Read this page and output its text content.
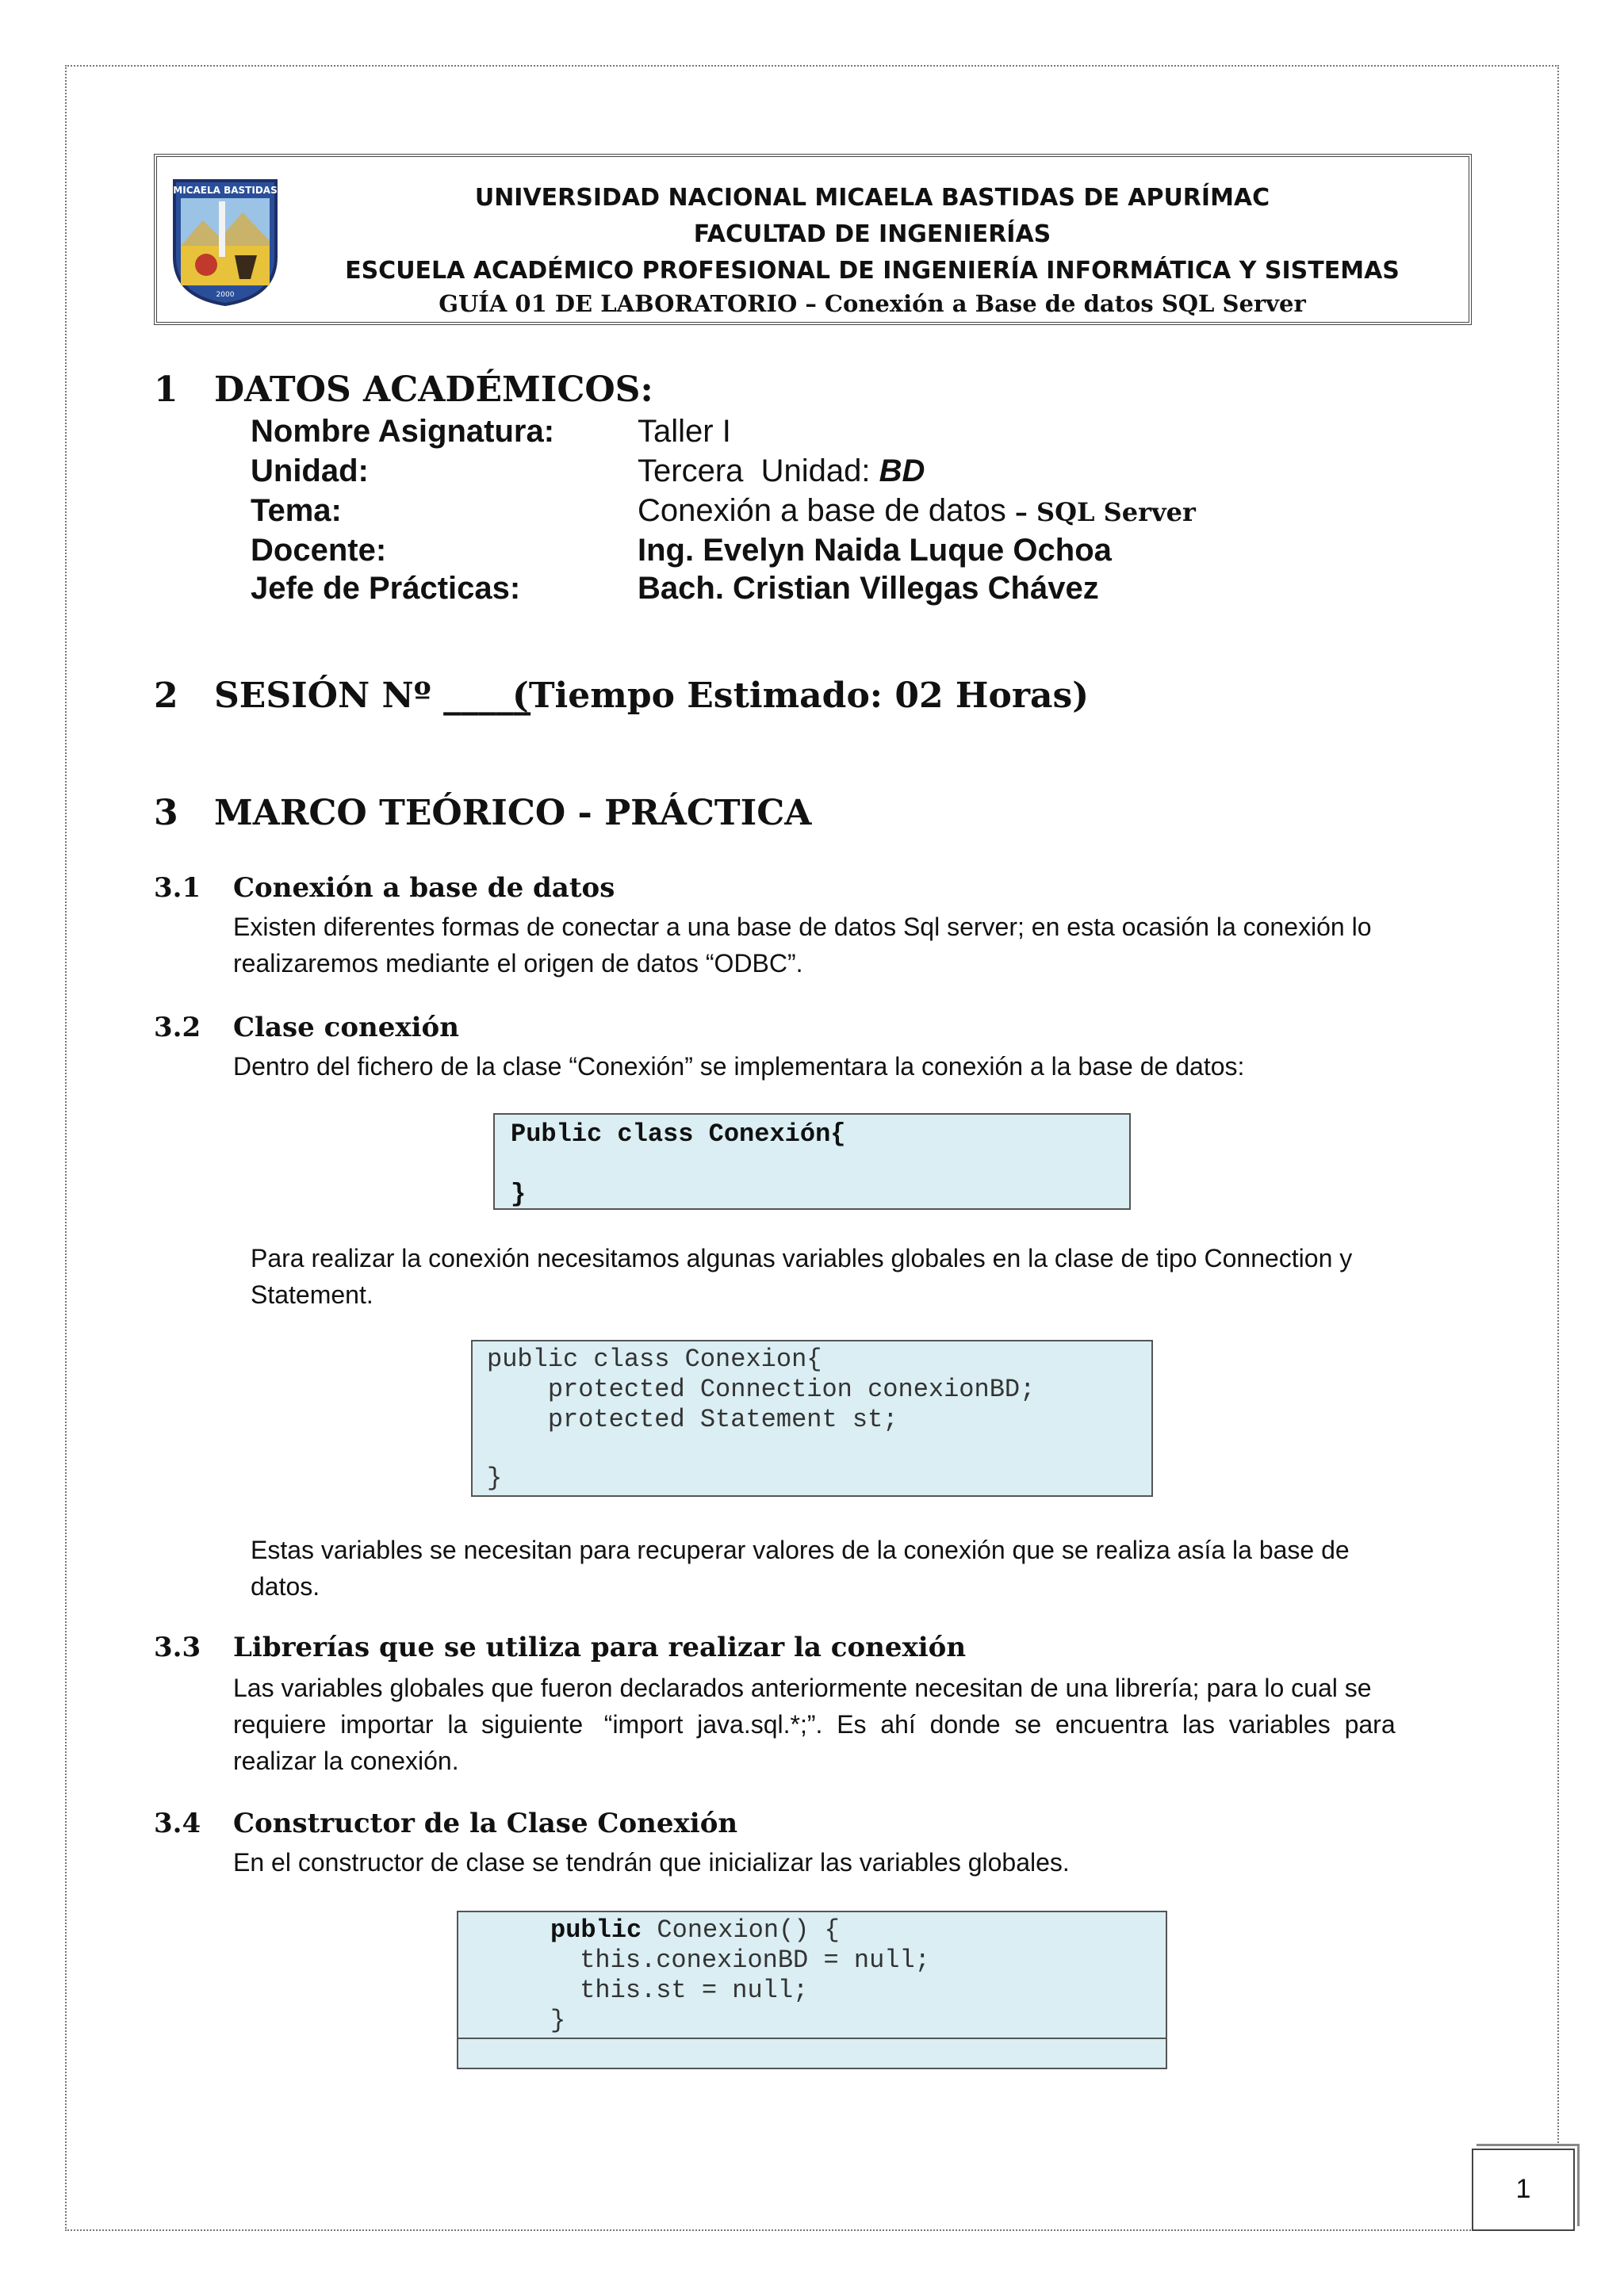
MICAELA BASTIDAS
2000
UNIVERSIDAD NACIONAL MICAELA BASTIDAS DE APURÍMAC
FACULTAD DE INGENIERÍAS
ESCUELA ACADÉMICO PROFESIONAL DE INGENIERÍA INFORMÁTICA Y SISTEMAS
GUÍA 01 DE LABORATORIO – Conexión a Base de datos SQL Server
1 DATOS ACADÉMICOS:
Nombre Asignatura:	Taller I
Unidad:	Tercera  Unidad: BD
Tema:	Conexión a base de datos – SQL Server
Docente:	Ing. Evelyn Naida Luque Ochoa
Jefe de Prácticas:	Bach. Cristian Villegas Chávez
2 SESIÓN Nº _____
(Tiempo Estimado: 02 Horas)
3 MARCO TEÓRICO - PRÁCTICA
3.1 Conexión a base de datos
Existen diferentes formas de conectar a una base de datos Sql server; en esta ocasión la conexión lo
realizaremos mediante el origen de datos “ODBC”.
3.2 Clase conexión
Dentro del fichero de la clase “Conexión” se implementara la conexión a la base de datos:
Public class Conexión{
}
Para realizar la conexión necesitamos algunas variables globales en la clase de tipo Connection y
Statement.
public class Conexion{
protected Connection conexionBD;
protected Statement st;
}
Estas variables se necesitan para recuperar valores de la conexión que se realiza asía la base de
datos.
3.3 Librerías que se utiliza para realizar la conexión
Las variables globales que fueron declarados anteriormente necesitan de una librería; para lo cual se
requiere  importar  la  siguiente   “import  java.sql.*;”.  Es  ahí  donde  se  encuentra  las  variables  para
realizar la conexión.
3.4 Constructor de la Clase Conexión
En el constructor de clase se tendrán que inicializar las variables globales.
public Conexion() {
this.conexionBD = null;
this.st = null;
}
1
